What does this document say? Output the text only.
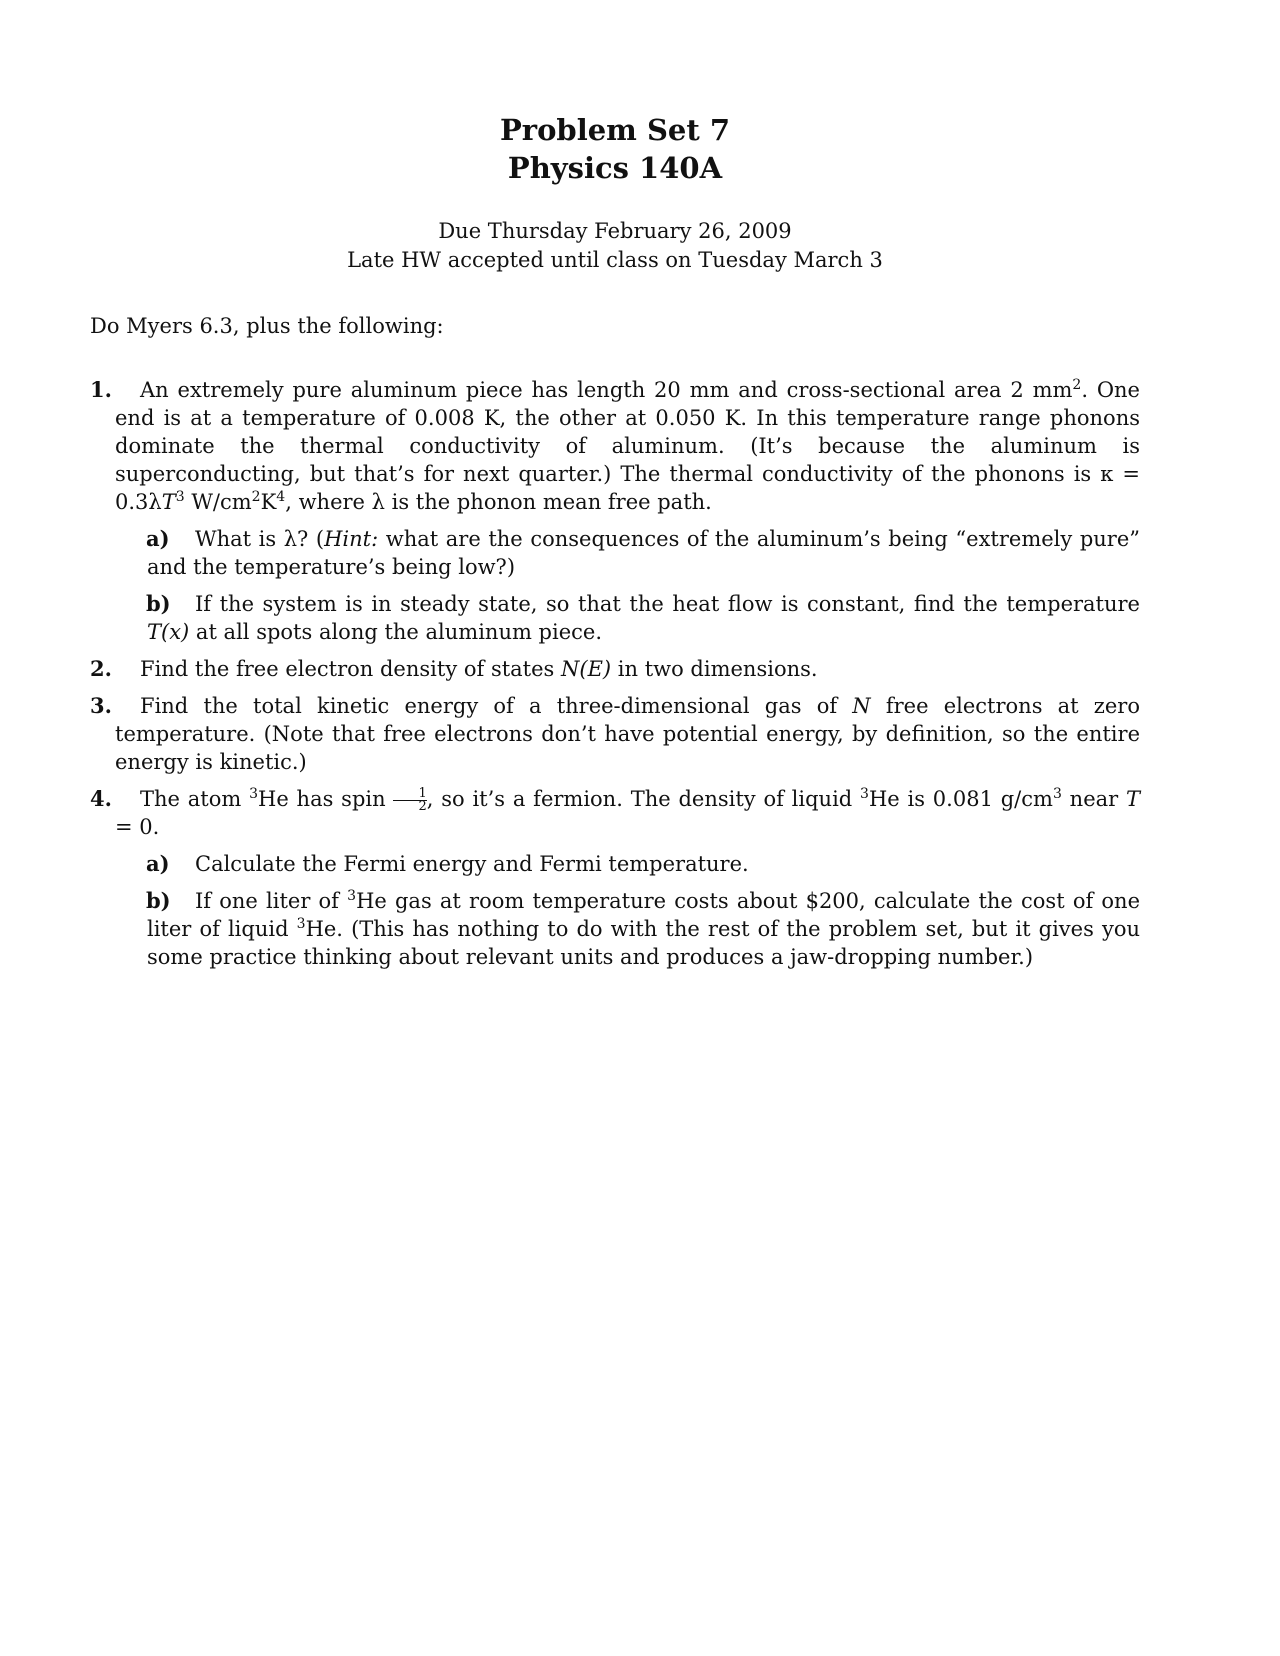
Problem Set 7
Physics 140A
Due Thursday February 26, 2009
Late HW accepted until class on Tuesday March 3
Do Myers 6.3, plus the following:
1.	An extremely pure aluminum piece has length 20 mm and cross-sectional area 2 $mm^2$. One end is at a temperature of 0.008 K, the other at 0.050 K. In this temperature range phonons dominate the thermal conductivity of aluminum. (It’s because the aluminum is superconducting, but that’s for next quarter.) The thermal conductivity of the phonons is $\kappa = 0.3\lambda T^3$ $W/cm^2K^4$, where λ is the phonon mean free path.
a)	What is λ? (Hint: what are the consequences of the aluminum’s being “extremely pure” and the temperature’s being low?)
b)	If the system is in steady state, so that the heat flow is constant, find the temperature T(x) at all spots along the aluminum piece.
2.	Find the free electron density of states N(E) in two dimensions.
3.	Find the total kinetic energy of a three-dimensional gas of N free electrons at zero temperature. (Note that free electrons don’t have potential energy, by definition, so the entire energy is kinetic.)
4.	The atom $^3$He has spin $\frac{1}{2}$ , so it’s a fermion. The density of liquid $^3$He is 0.081 $g/cm^3$ near T = 0.
a)	Calculate the Fermi energy and Fermi temperature.
b)	If one liter of $^3$He gas at room temperature costs about $200, calculate the cost of one liter of liquid $^3$He. (This has nothing to do with the rest of the problem set, but it gives you some practice thinking about relevant units and produces a jaw-dropping number.)
